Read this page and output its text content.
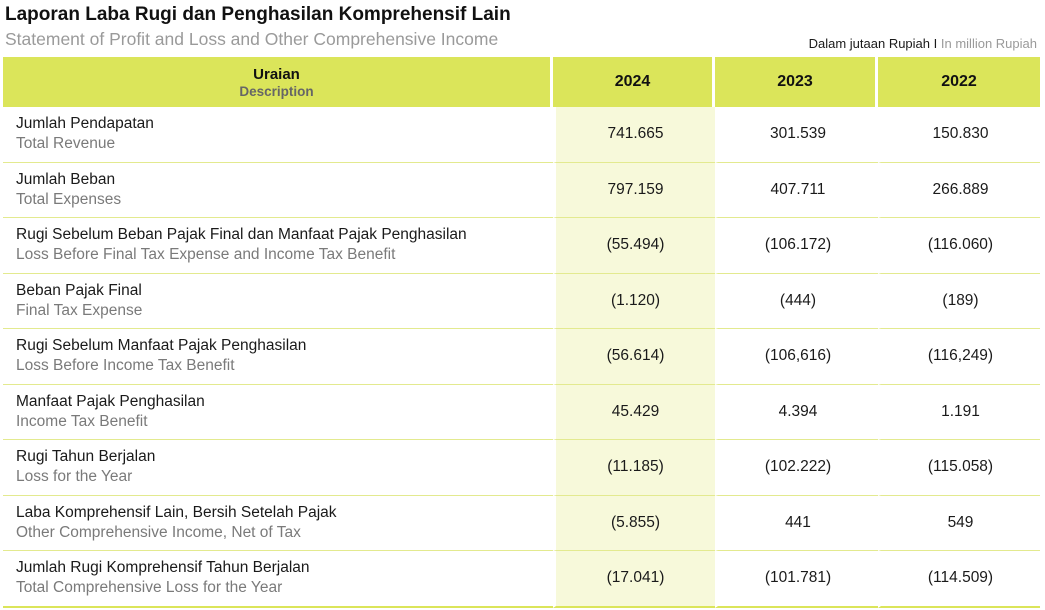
Laporan Laba Rugi dan Penghasilan Komprehensif Lain
Statement of Profit and Loss and Other Comprehensive Income	Dalam jutaan Rupiah I In million Rupiah
Uraian
Description	2024	2023	2022

Jumlah Pendapatan
Total Revenue	741.665	301.539	150.830

Jumlah Beban
Total Expenses	797.159	407.711	266.889

Rugi Sebelum Beban Pajak Final dan Manfaat Pajak Penghasilan
Loss Before Final Tax Expense and Income Tax Benefit	(55.494)	(106.172)	(116.060)

Beban Pajak Final
Final Tax Expense	(1.120)	(444)	(189)

Rugi Sebelum Manfaat Pajak Penghasilan
Loss Before Income Tax Benefit	(56.614)	(106,616)	(116,249)

Manfaat Pajak Penghasilan
Income Tax Benefit	45.429	4.394	1.191

Rugi Tahun Berjalan
Loss for the Year	(11.185)	(102.222)	(115.058)

Laba Komprehensif Lain, Bersih Setelah Pajak
Other Comprehensive Income, Net of Tax	(5.855)	441	549

Jumlah Rugi Komprehensif Tahun Berjalan
Total Comprehensive Loss for the Year	(17.041)	(101.781)	(114.509)
